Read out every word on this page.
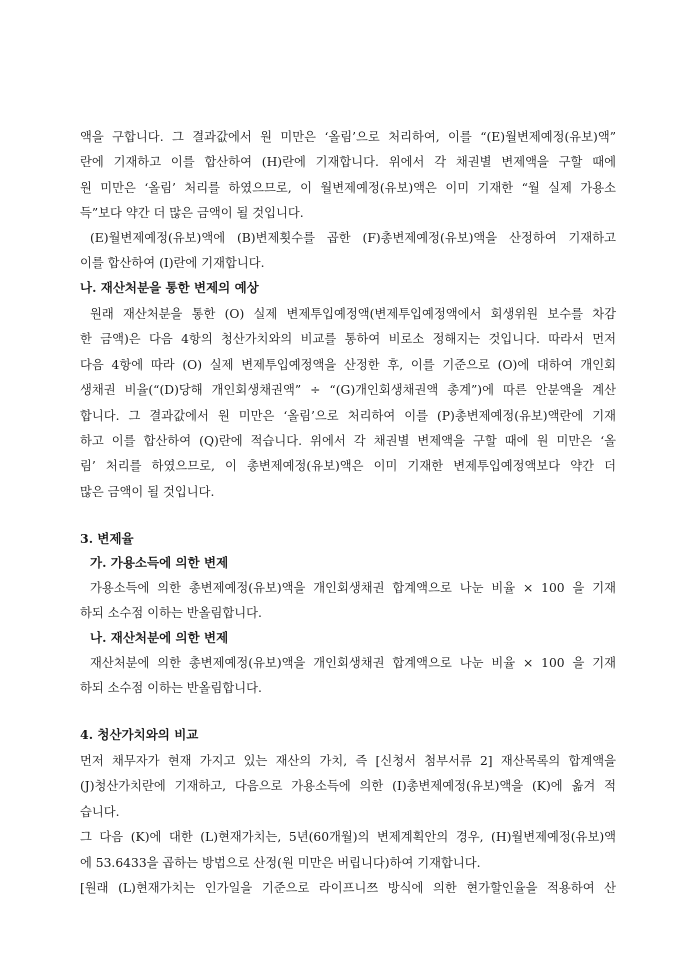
액을 구합니다. 그 결과값에서 원 미만은 ‘올림’으로 처리하여, 이를 “(E)월변제예정(유보)액”
란에 기재하고 이를 합산하여 (H)란에 기재합니다. 위에서 각 채권별 변제액을 구할 때에
원 미만은 ‘올림’ 처리를 하였으므로, 이 월변제예정(유보)액은 이미 기재한 “월 실제 가용소
득”보다 약간 더 많은 금액이 될 것입니다.
(E)월변제예정(유보)액에 (B)변제횟수를 곱한 (F)총변제예정(유보)액을 산정하여 기재하고
이를 합산하여 (I)란에 기재합니다.
나. 재산처분을 통한 변제의 예상
원래 재산처분을 통한 (O) 실제 변제투입예정액(변제투입예정액에서 회생위원 보수를 차감
한 금액)은 다음 4항의 청산가치와의 비교를 통하여 비로소 정해지는 것입니다. 따라서 먼저
다음 4항에 따라 (O) 실제 변제투입예정액을 산정한 후, 이를 기준으로 (O)에 대하여 개인회
생채권 비율(“(D)당해 개인회생채권액” ÷ “(G)개인회생채권액 총계”)에 따른 안분액을 계산
합니다. 그 결과값에서 원 미만은 ‘올림’으로 처리하여 이를 (P)총변제예정(유보)액란에 기재
하고 이를 합산하여 (Q)란에 적습니다. 위에서 각 채권별 변제액을 구할 때에 원 미만은 ‘올
림’ 처리를 하였으므로, 이 총변제예정(유보)액은 이미 기재한 변제투입예정액보다 약간 더
많은 금액이 될 것입니다.
3. 변제율
가. 가용소득에 의한 변제
가용소득에 의한 총변제예정(유보)액을 개인회생채권 합계액으로 나눈 비율 × 100 을 기재
하되 소수점 이하는 반올림합니다.
나. 재산처분에 의한 변제
재산처분에 의한 총변제예정(유보)액을 개인회생채권 합계액으로 나눈 비율 × 100 을 기재
하되 소수점 이하는 반올림합니다.
4. 청산가치와의 비교
먼저 채무자가 현재 가지고 있는 재산의 가치, 즉 [신청서 첨부서류 2] 재산목록의 합계액을
(J)청산가치란에 기재하고, 다음으로 가용소득에 의한 (I)총변제예정(유보)액을 (K)에 옮겨 적
습니다.
그 다음 (K)에 대한 (L)현재가치는, 5년(60개월)의 변제계획안의 경우, (H)월변제예정(유보)액
에 53.6433을 곱하는 방법으로 산정(원 미만은 버립니다)하여 기재합니다.
[원래 (L)현재가치는 인가일을 기준으로 라이프니쯔 방식에 의한 현가할인율을 적용하여 산
